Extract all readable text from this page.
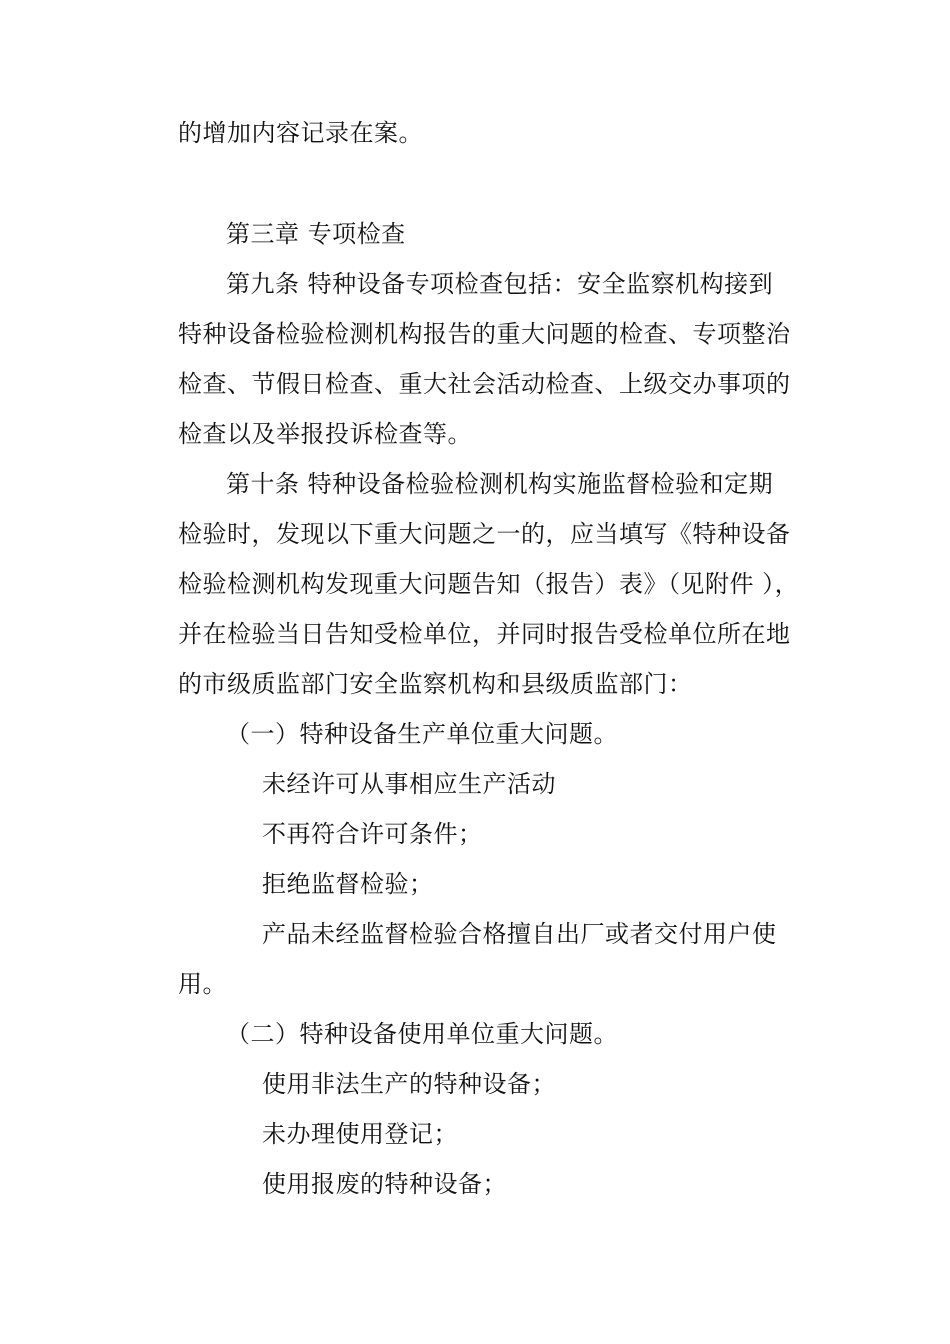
的增加内容记录在案。
第三章 专项检查
第九条 特种设备专项检查包括：安全监察机构接到
特种设备检验检测机构报告的重大问题的检查、专项整治
检查、节假日检查、重大社会活动检查、上级交办事项的
检查以及举报投诉检查等。
第十条 特种设备检验检测机构实施监督检验和定期
检验时，发现以下重大问题之一的，应当填写《特种设备
检验检测机构发现重大问题告知（报告）表》（见附件 ），
并在检验当日告知受检单位，并同时报告受检单位所在地
的市级质监部门安全监察机构和县级质监部门：
（一）特种设备生产单位重大问题。
未经许可从事相应生产活动
不再符合许可条件；
拒绝监督检验；
产品未经监督检验合格擅自出厂或者交付用户使
用。
（二）特种设备使用单位重大问题。
使用非法生产的特种设备；
未办理使用登记；
使用报废的特种设备；
